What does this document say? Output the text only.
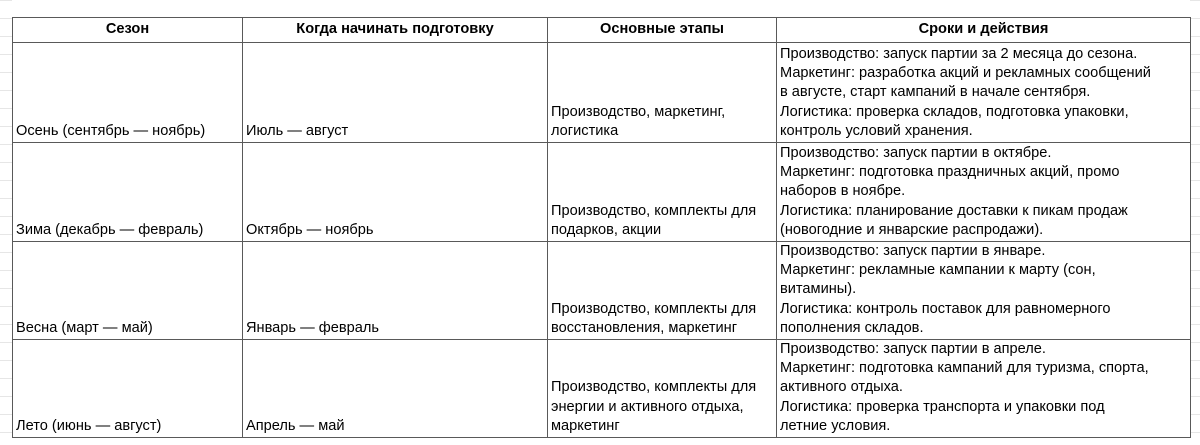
Сезон	Когда начинать подготовку	Основные этапы	Сроки и действия
Осень (сентябрь — ноябрь)	Июль — август	Производство, маркетинг,
логистика	Производство: запуск партии за 2 месяца до сезона.
Маркетинг: разработка акций и рекламных сообщений
в августе, старт кампаний в начале сентября.
Логистика: проверка складов, подготовка упаковки,
контроль условий хранения.
Зима (декабрь — февраль)	Октябрь — ноябрь	Производство, комплекты для
подарков, акции	Производство: запуск партии в октябре.
Маркетинг: подготовка праздничных акций, промо
наборов в ноябре.
Логистика: планирование доставки к пикам продаж
(новогодние и январские распродажи).
Весна (март — май)	Январь — февраль	Производство, комплекты для
восстановления, маркетинг	Производство: запуск партии в январе.
Маркетинг: рекламные кампании к марту (сон,
витамины).
Логистика: контроль поставок для равномерного
пополнения складов.
Лето (июнь — август)	Апрель — май	Производство, комплекты для
энергии и активного отдыха,
маркетинг	Производство: запуск партии в апреле.
Маркетинг: подготовка кампаний для туризма, спорта,
активного отдыха.
Логистика: проверка транспорта и упаковки под
летние условия.
